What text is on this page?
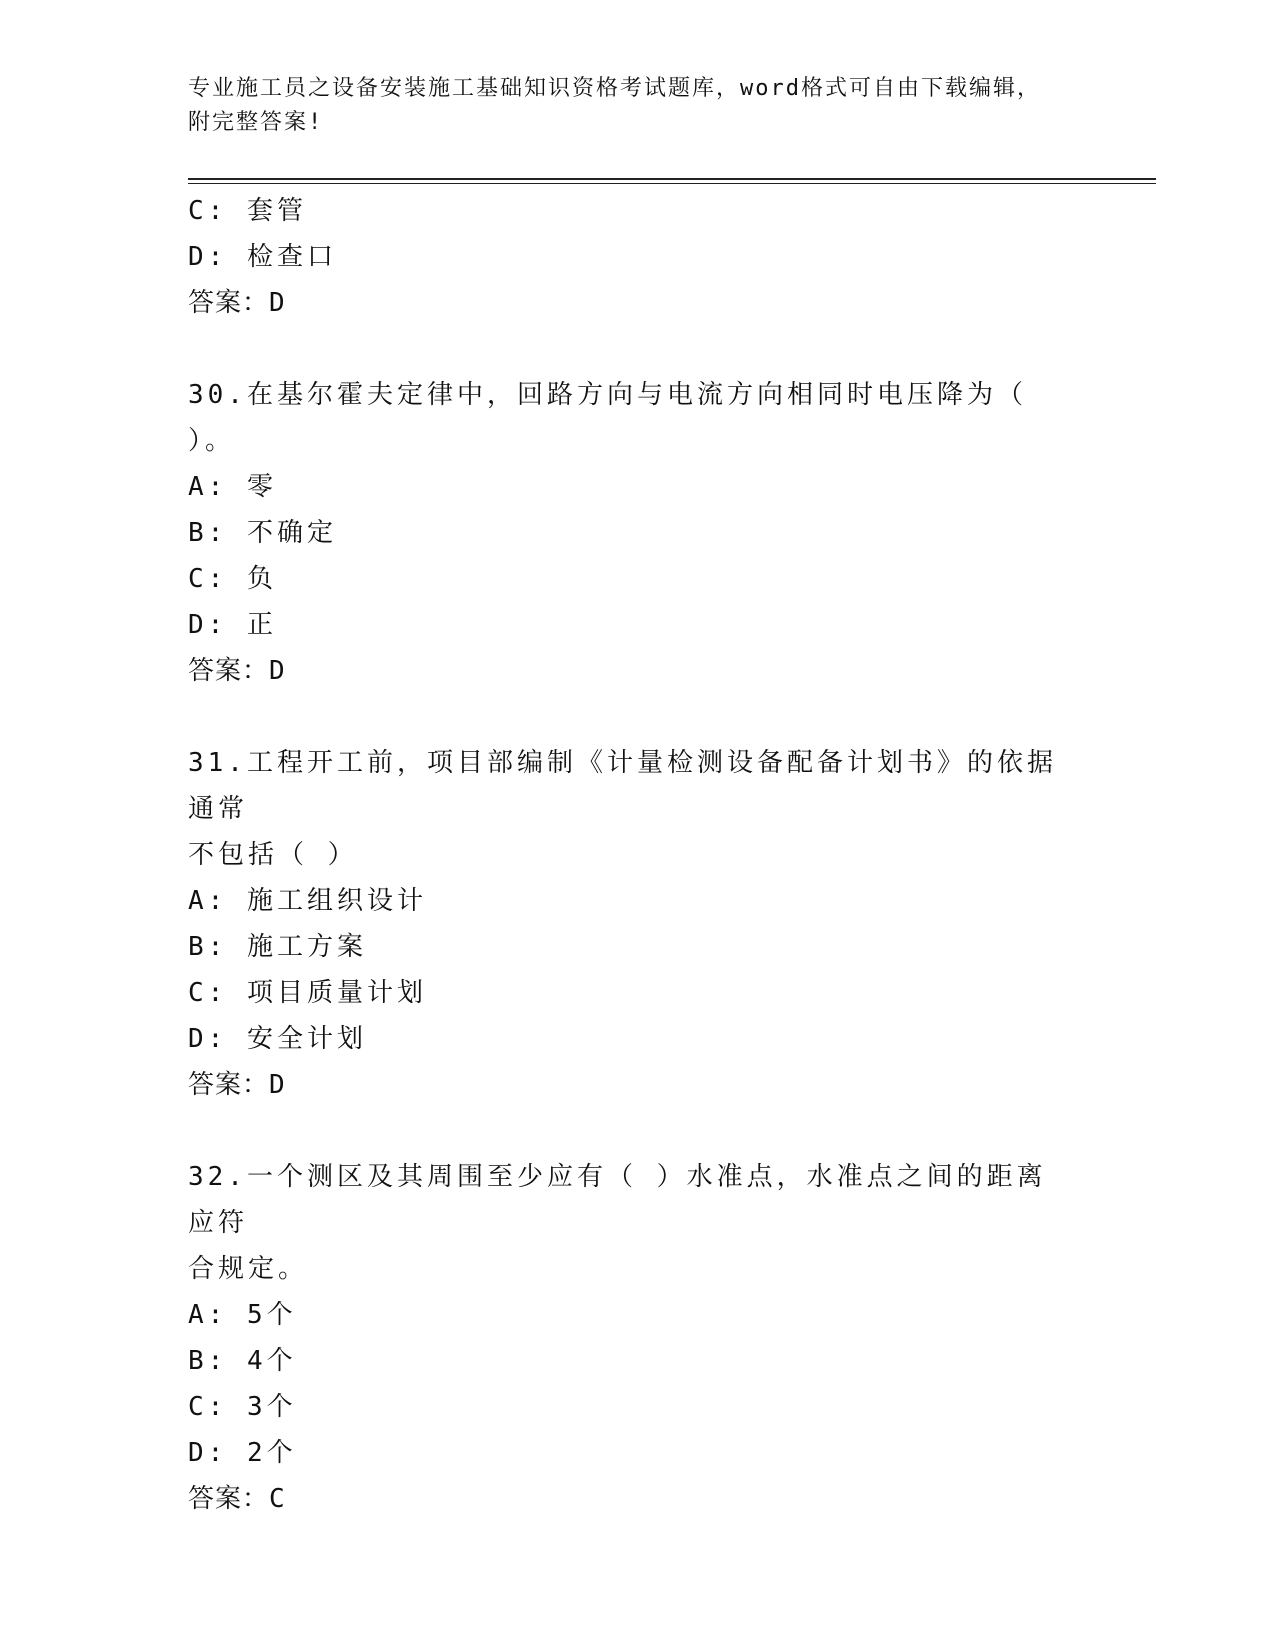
专业施工员之设备安装施工基础知识资格考试题库，word格式可自由下载编辑，
附完整答案!
C: 套管
D: 检查口
答案：D
30.在基尔霍夫定律中，回路方向与电流方向相同时电压降为（ ）。
A: 零
B: 不确定
C: 负
D: 正
答案：D
31.工程开工前，项目部编制《计量检测设备配备计划书》的依据通常
不包括（ ）
A: 施工组织设计
B: 施工方案
C: 项目质量计划
D: 安全计划
答案：D
32.一个测区及其周围至少应有（ ）水准点，水准点之间的距离应符
合规定。
A: 5个
B: 4个
C: 3个
D: 2个
答案：C
